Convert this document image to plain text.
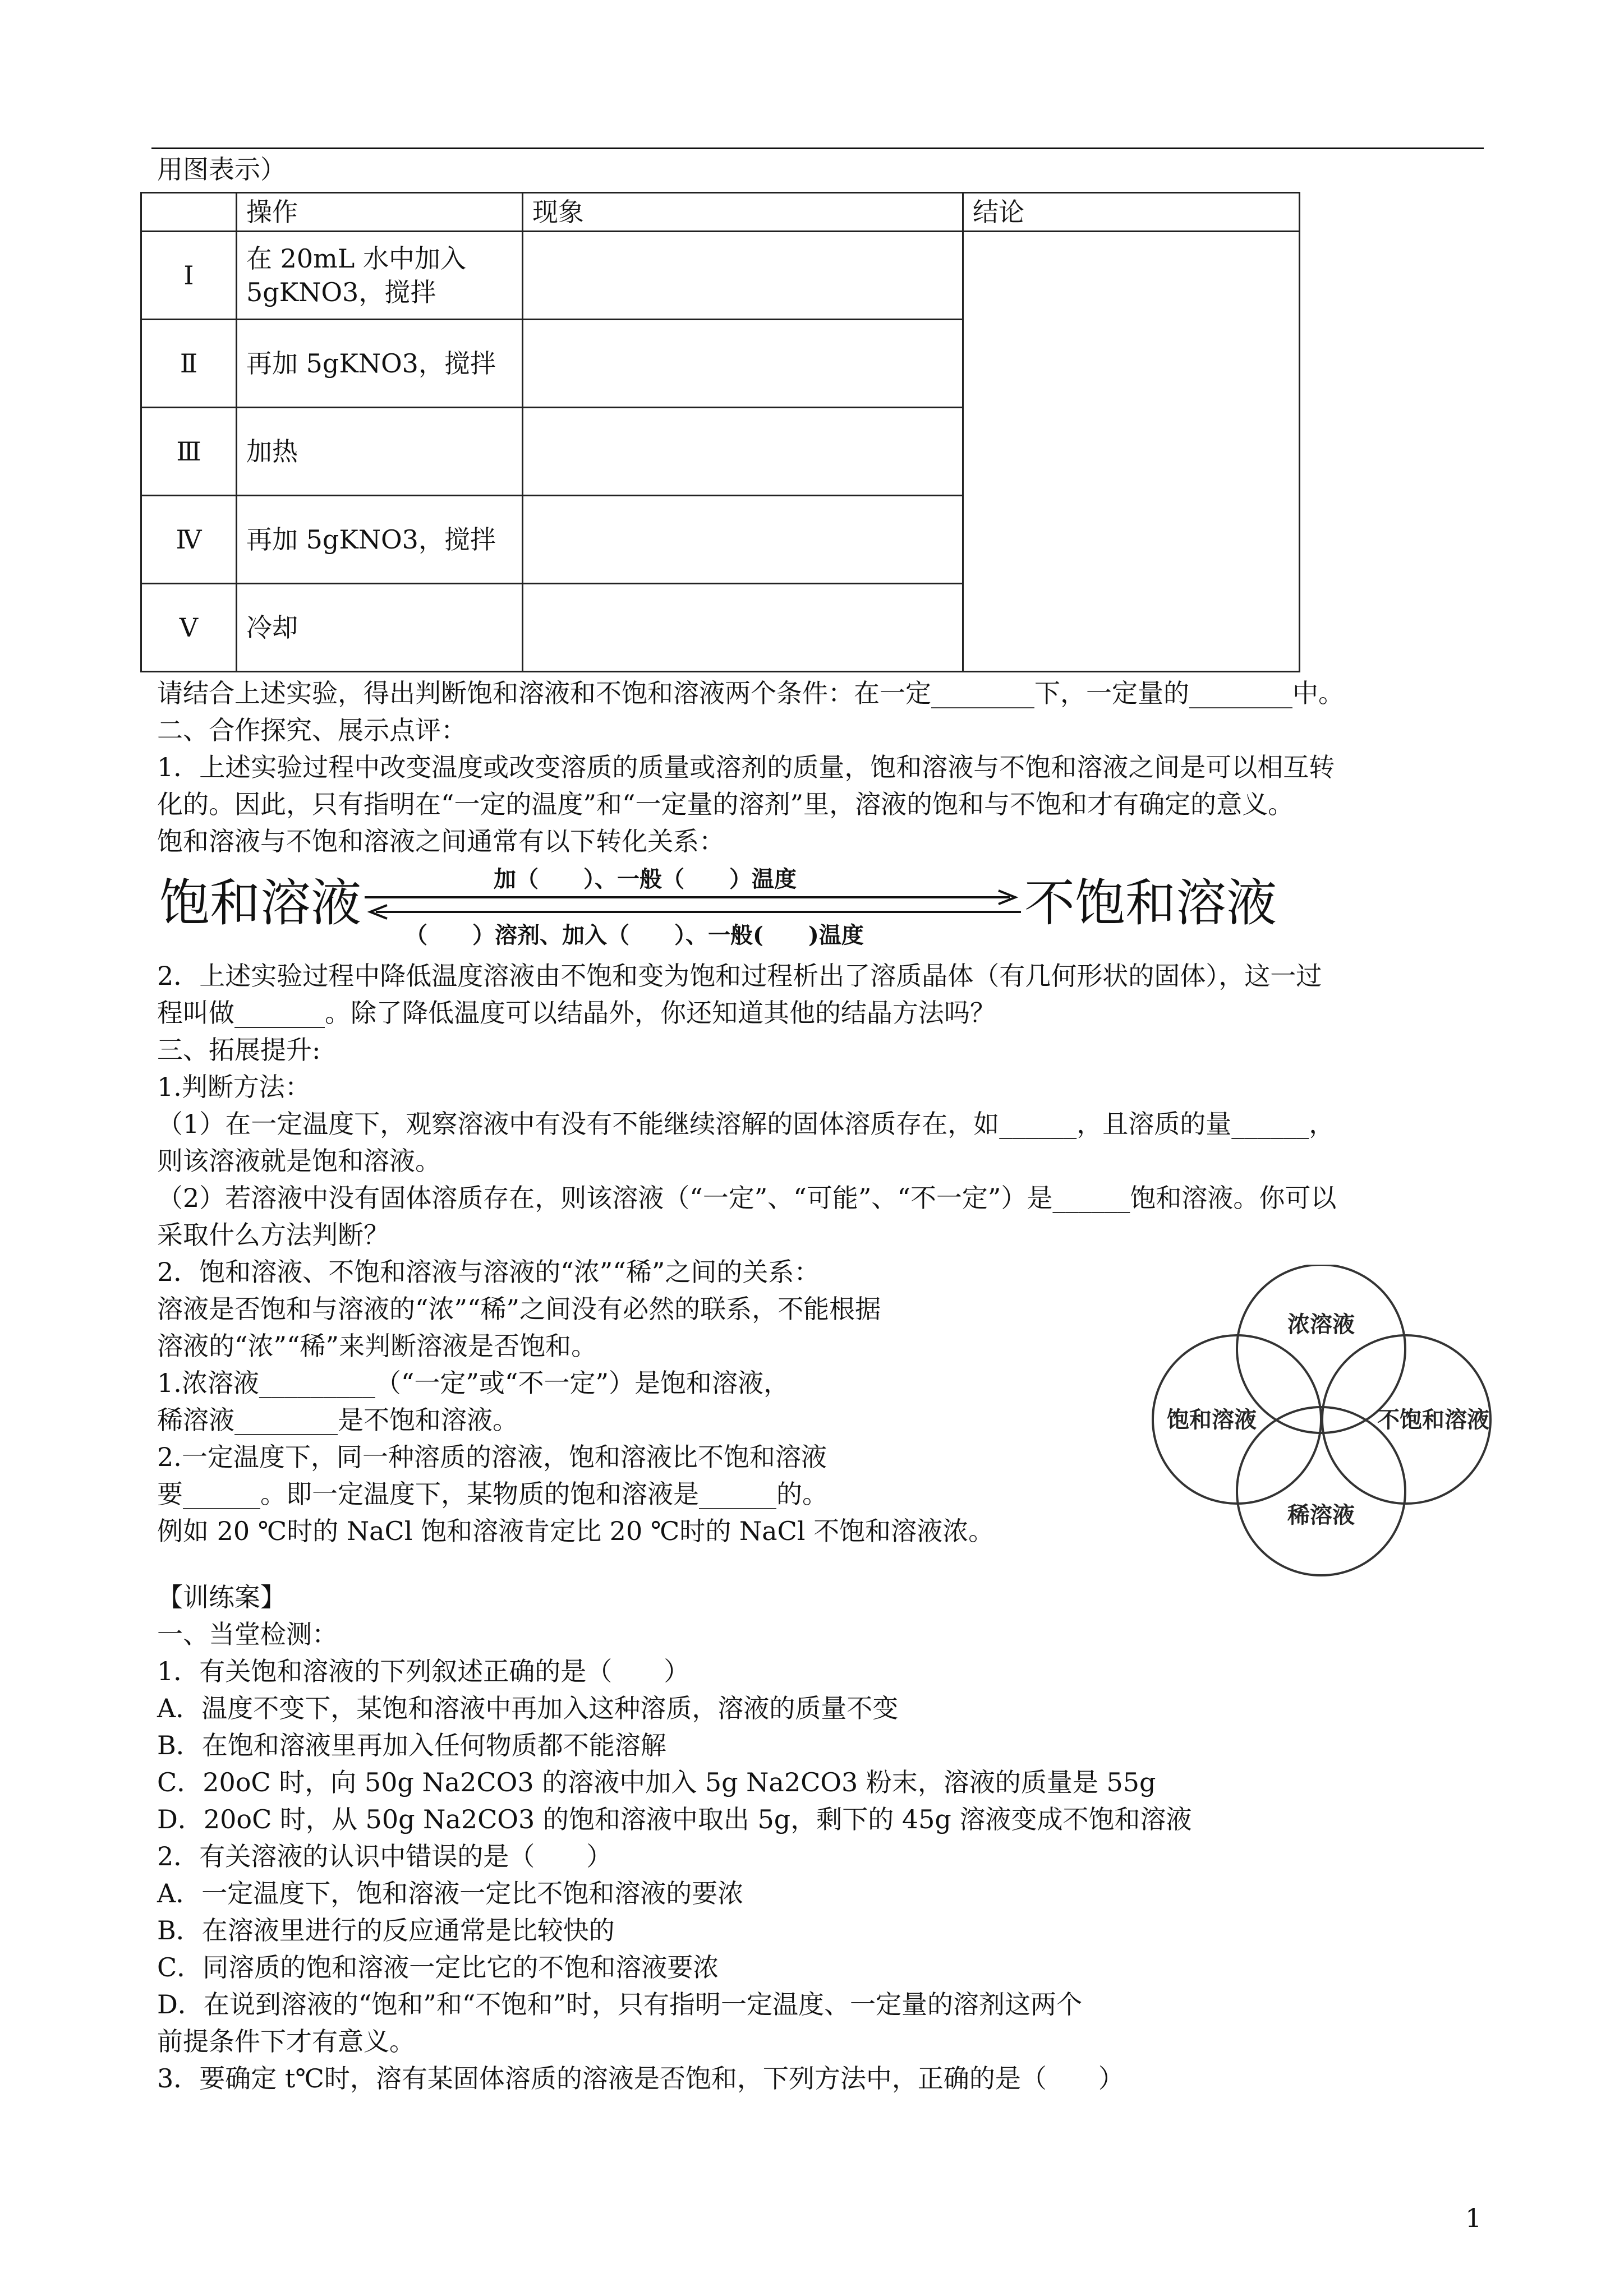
用图表示）
	操作	现象	结论
Ⅰ	在 20mL 水中加入 5gKNO3，搅拌		
Ⅱ	再加 5gKNO3，搅拌		
Ⅲ	加热		
Ⅳ	再加 5gKNO3，搅拌		
Ⅴ	冷却		
请结合上述实验，得出判断饱和溶液和不饱和溶液两个条件：在一定________下，一定量的________中。
二、合作探究、展示点评：
1．上述实验过程中改变温度或改变溶质的质量或溶剂的质量，饱和溶液与不饱和溶液之间是可以相互转
化的。因此，只有指明在“一定的温度”和“一定量的溶剂”里，溶液的饱和与不饱和才有确定的意义。
饱和溶液与不饱和溶液之间通常有以下转化关系：
饱和溶液	不饱和溶液
加（　　）、一般（　　）温度
（　　）溶剂、加入（　　）、一般(　　)温度
2．上述实验过程中降低温度溶液由不饱和变为饱和过程析出了溶质晶体（有几何形状的固体），这一过
程叫做_______。除了降低温度可以结晶外，你还知道其他的结晶方法吗？
三、拓展提升:
1.判断方法：
（1）在一定温度下，观察溶液中有没有不能继续溶解的固体溶质存在，如______，且溶质的量______，
则该溶液就是饱和溶液。
（2）若溶液中没有固体溶质存在，则该溶液（“一定”、“可能”、“不一定”）是______饱和溶液。你可以
采取什么方法判断？
2．饱和溶液、不饱和溶液与溶液的“浓”“稀”之间的关系：
溶液是否饱和与溶液的“浓”“稀”之间没有必然的联系，不能根据
溶液的“浓”“稀”来判断溶液是否饱和。
1.浓溶液_________（“一定”或“不一定”）是饱和溶液，
稀溶液________是不饱和溶液。
2.一定温度下，同一种溶质的溶液，饱和溶液比不饱和溶液
要______。即一定温度下，某物质的饱和溶液是______的。
例如 20 ℃时的 NaCl 饱和溶液肯定比 20 ℃时的 NaCl 不饱和溶液浓。
浓溶液
饱和溶液	不饱和溶液
稀溶液
【训练案】
一、当堂检测：
1．有关饱和溶液的下列叙述正确的是（　　）
A．温度不变下，某饱和溶液中再加入这种溶质，溶液的质量不变
B．在饱和溶液里再加入任何物质都不能溶解
C．20oC 时，向 50g Na2CO3 的溶液中加入 5g Na2CO3 粉末，溶液的质量是 55g
D．20oC 时，从 50g Na2CO3 的饱和溶液中取出 5g，剩下的 45g 溶液变成不饱和溶液
2．有关溶液的认识中错误的是（　　）
A．一定温度下，饱和溶液一定比不饱和溶液的要浓
B．在溶液里进行的反应通常是比较快的
C．同溶质的饱和溶液一定比它的不饱和溶液要浓
D．在说到溶液的“饱和”和“不饱和”时，只有指明一定温度、一定量的溶剂这两个
前提条件下才有意义。
3．要确定 t℃时，溶有某固体溶质的溶液是否饱和，下列方法中，正确的是（　　）
1
